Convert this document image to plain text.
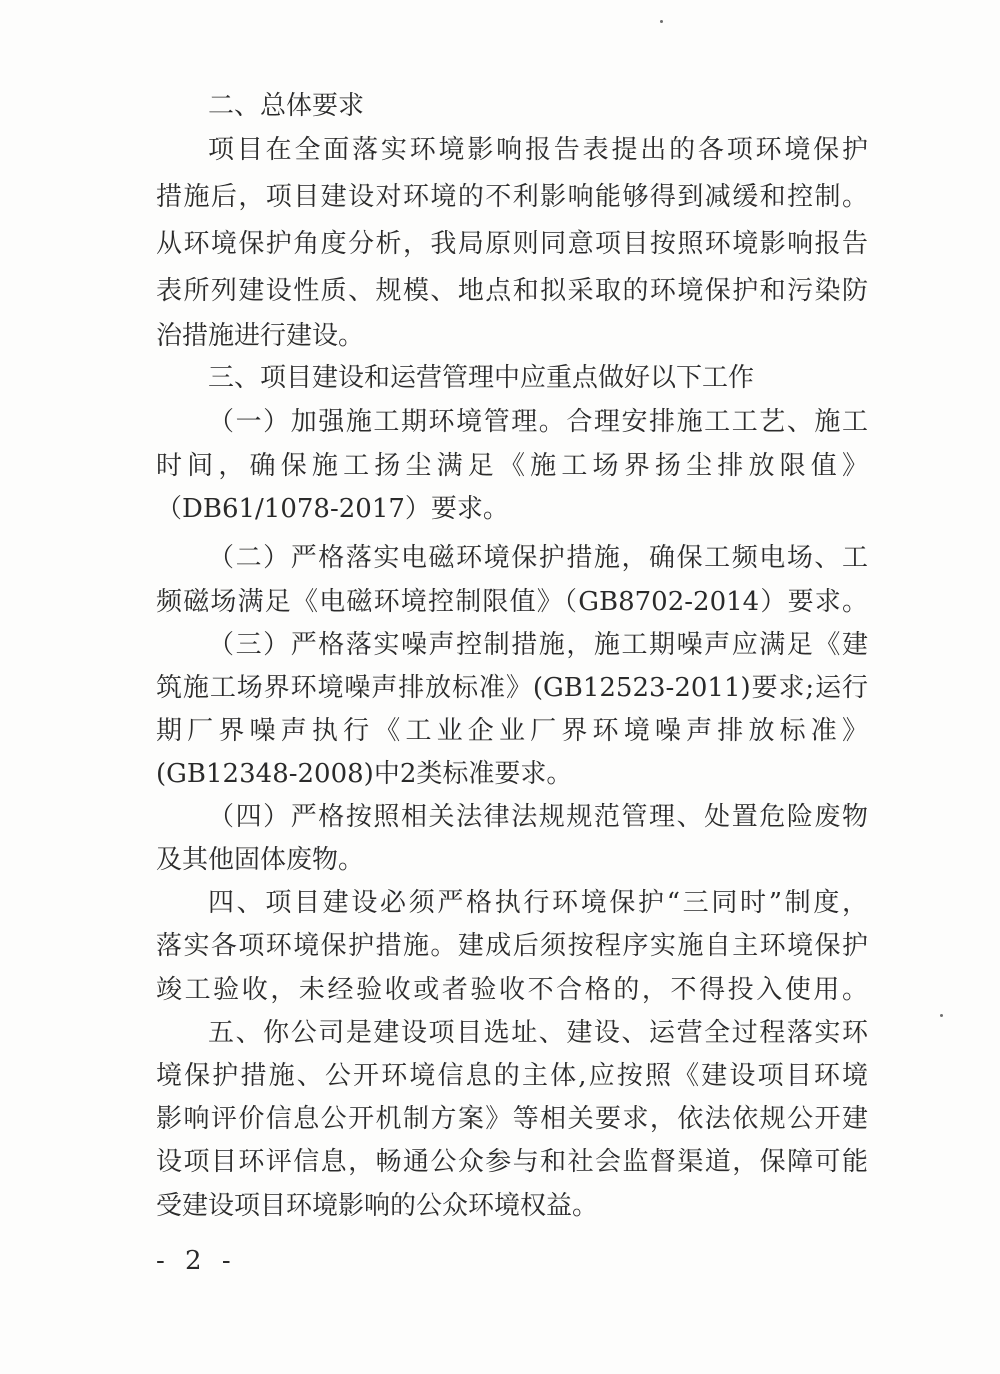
二、总体要求
项目在全面落实环境影响报告表提出的各项环境保护
措施后，项目建设对环境的不利影响能够得到减缓和控制。
从环境保护角度分析，我局原则同意项目按照环境影响报告
表所列建设性质、规模、地点和拟采取的环境保护和污染防
治措施进行建设。
三、项目建设和运营管理中应重点做好以下工作
（一）加强施工期环境管理。合理安排施工工艺、施工
时间，确保施工扬尘满足《施工场界扬尘排放限值》
（DB61/1078-2017）要求。
（二）严格落实电磁环境保护措施，确保工频电场、工
频磁场满足《电磁环境控制限值》（GB8702-2014）要求。
（三）严格落实噪声控制措施，施工期噪声应满足《建
筑施工场界环境噪声排放标准》(GB12523-2011)要求;运行
期厂界噪声执行《工业企业厂界环境噪声排放标准》
(GB12348-2008)中2类标准要求。
（四）严格按照相关法律法规规范管理、处置危险废物
及其他固体废物。
四、项目建设必须严格执行环境保护“三同时”制度，
落实各项环境保护措施。建成后须按程序实施自主环境保护
竣工验收，未经验收或者验收不合格的，不得投入使用。
五、你公司是建设项目选址、建设、运营全过程落实环
境保护措施、公开环境信息的主体,应按照《建设项目环境
影响评价信息公开机制方案》等相关要求，依法依规公开建
设项目环评信息，畅通公众参与和社会监督渠道，保障可能
受建设项目环境影响的公众环境权益。
- 2 -
